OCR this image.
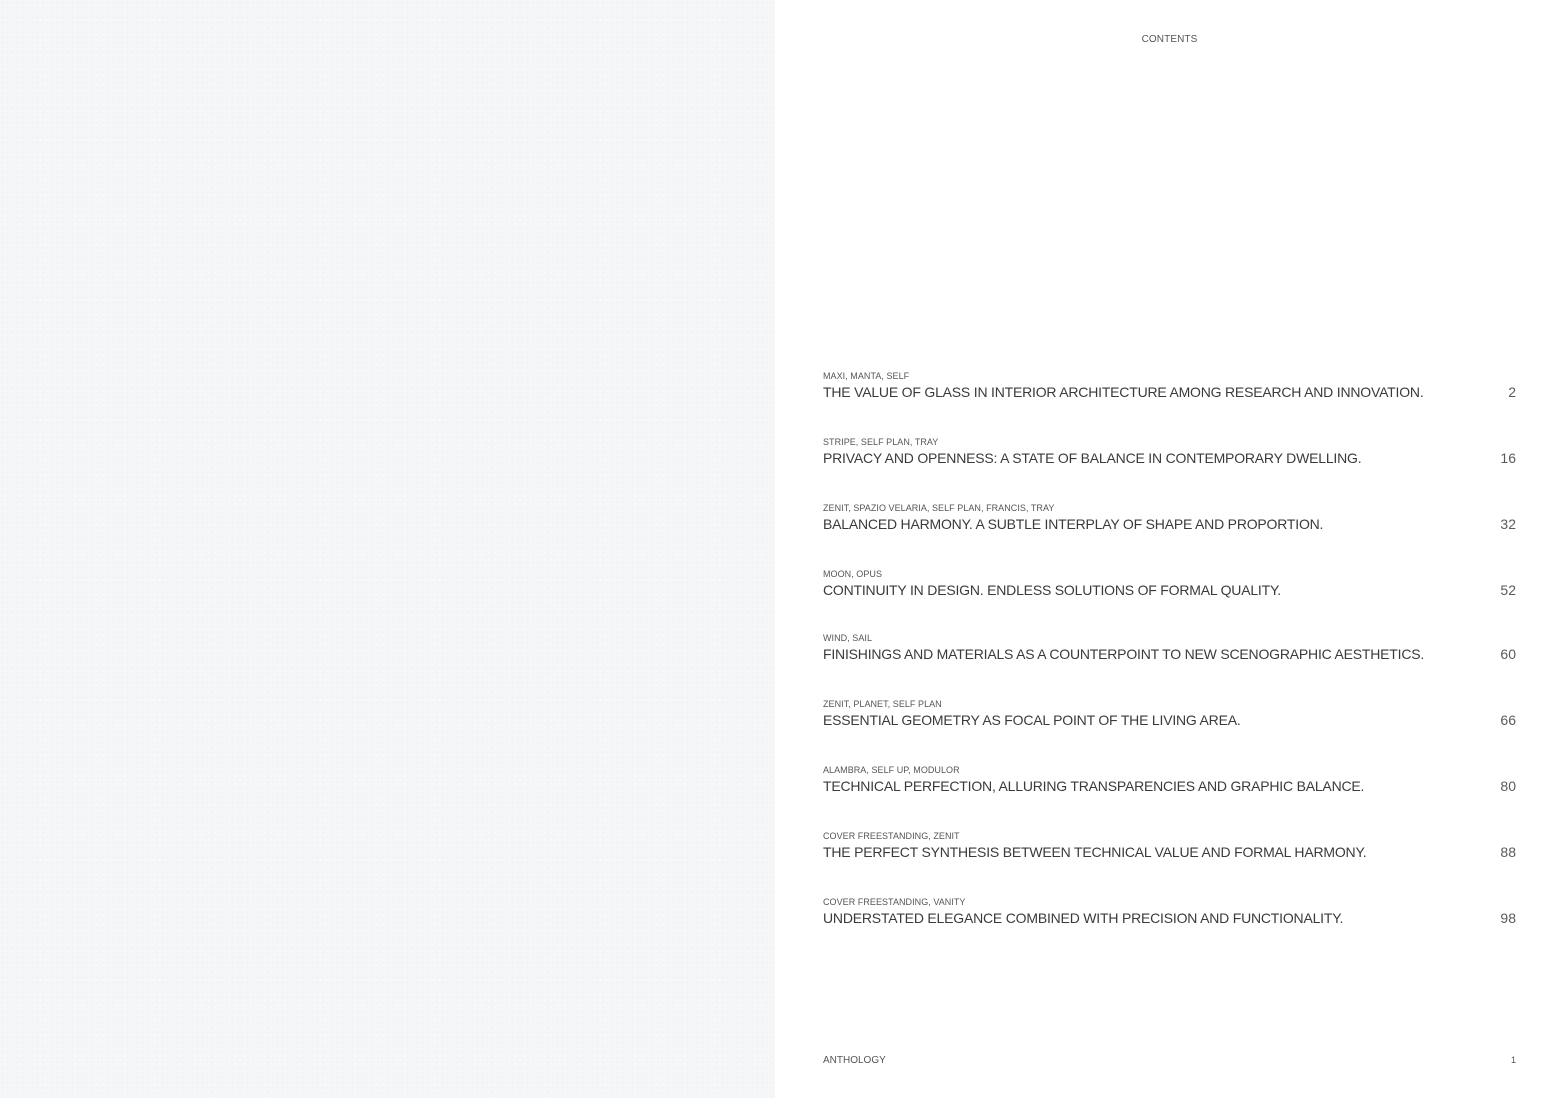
CONTENTS
MAXI, MANTA, SELF
THE VALUE OF GLASS IN INTERIOR ARCHITECTURE AMONG RESEARCH AND INNOVATION.	2
STRIPE, SELF PLAN, TRAY
PRIVACY AND OPENNESS: A STATE OF BALANCE IN CONTEMPORARY DWELLING.	16
ZENIT, SPAZIO VELARIA, SELF PLAN, FRANCIS, TRAY
BALANCED HARMONY. A SUBTLE INTERPLAY OF SHAPE AND PROPORTION.	32
MOON, OPUS
CONTINUITY IN DESIGN. ENDLESS SOLUTIONS OF FORMAL QUALITY.	52
WIND, SAIL
FINISHINGS AND MATERIALS AS A COUNTERPOINT TO NEW SCENOGRAPHIC AESTHETICS.	60
ZENIT, PLANET, SELF PLAN
ESSENTIAL GEOMETRY AS FOCAL POINT OF THE LIVING AREA.	66
ALAMBRA, SELF UP, MODULOR
TECHNICAL PERFECTION, ALLURING TRANSPARENCIES AND GRAPHIC BALANCE.	80
COVER FREESTANDING, ZENIT
THE PERFECT SYNTHESIS BETWEEN TECHNICAL VALUE AND FORMAL HARMONY.	88
COVER FREESTANDING, VANITY
UNDERSTATED ELEGANCE COMBINED WITH PRECISION AND FUNCTIONALITY.	98
ANTHOLOGY	1
